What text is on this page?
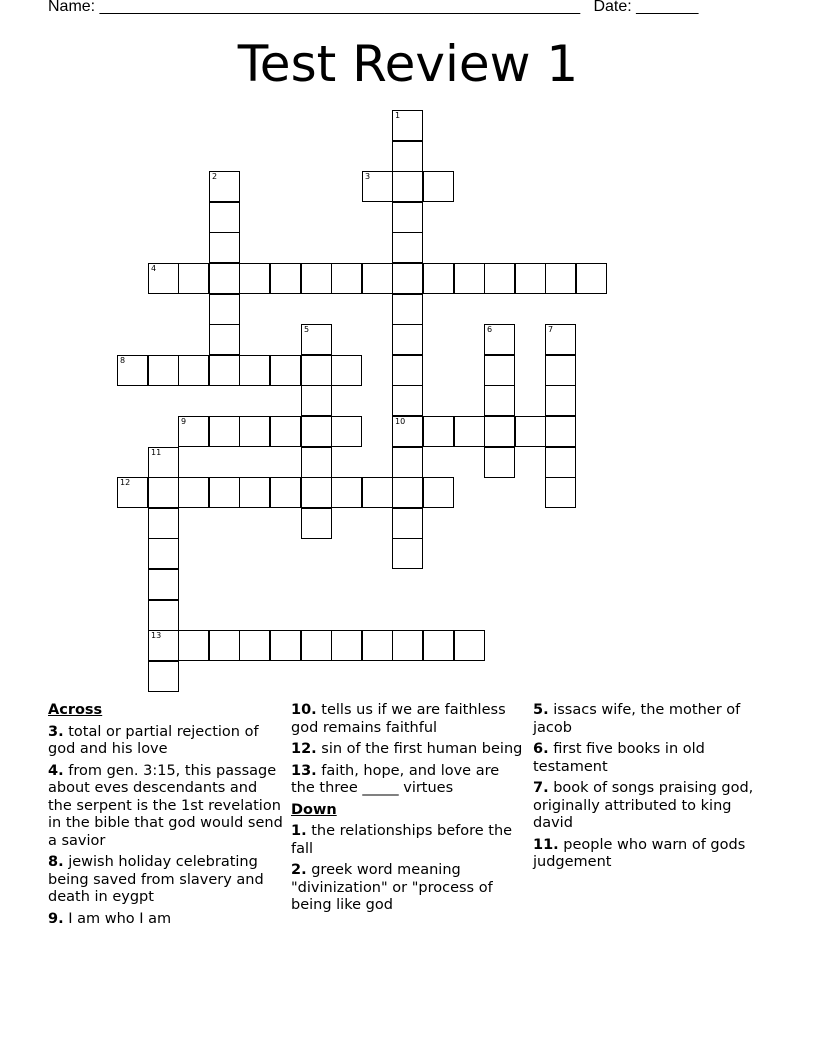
Name: ______________________________________________________ Date: _______
Test Review 1
1
10
2	3
4
5	6	7
8
9
11
13
12
Across
3. total or partial rejection of god and his love
4. from gen. 3:15, this passage about eves descendants and the serpent is the 1st revelation in the bible that god would send a savior
8. jewish holiday celebrating being saved from slavery and death in eygpt
9. I am who I am
10. tells us if we are faithless god remains faithful
12. sin of the first human being
13. faith, hope, and love are the three _____ virtues
Down
1. the relationships before the fall
2. greek word meaning "divinization" or "process of being like god
5. issacs wife, the mother of jacob
6. first five books in old testament
7. book of songs praising god, originally attributed to king david
11. people who warn of gods judgement
